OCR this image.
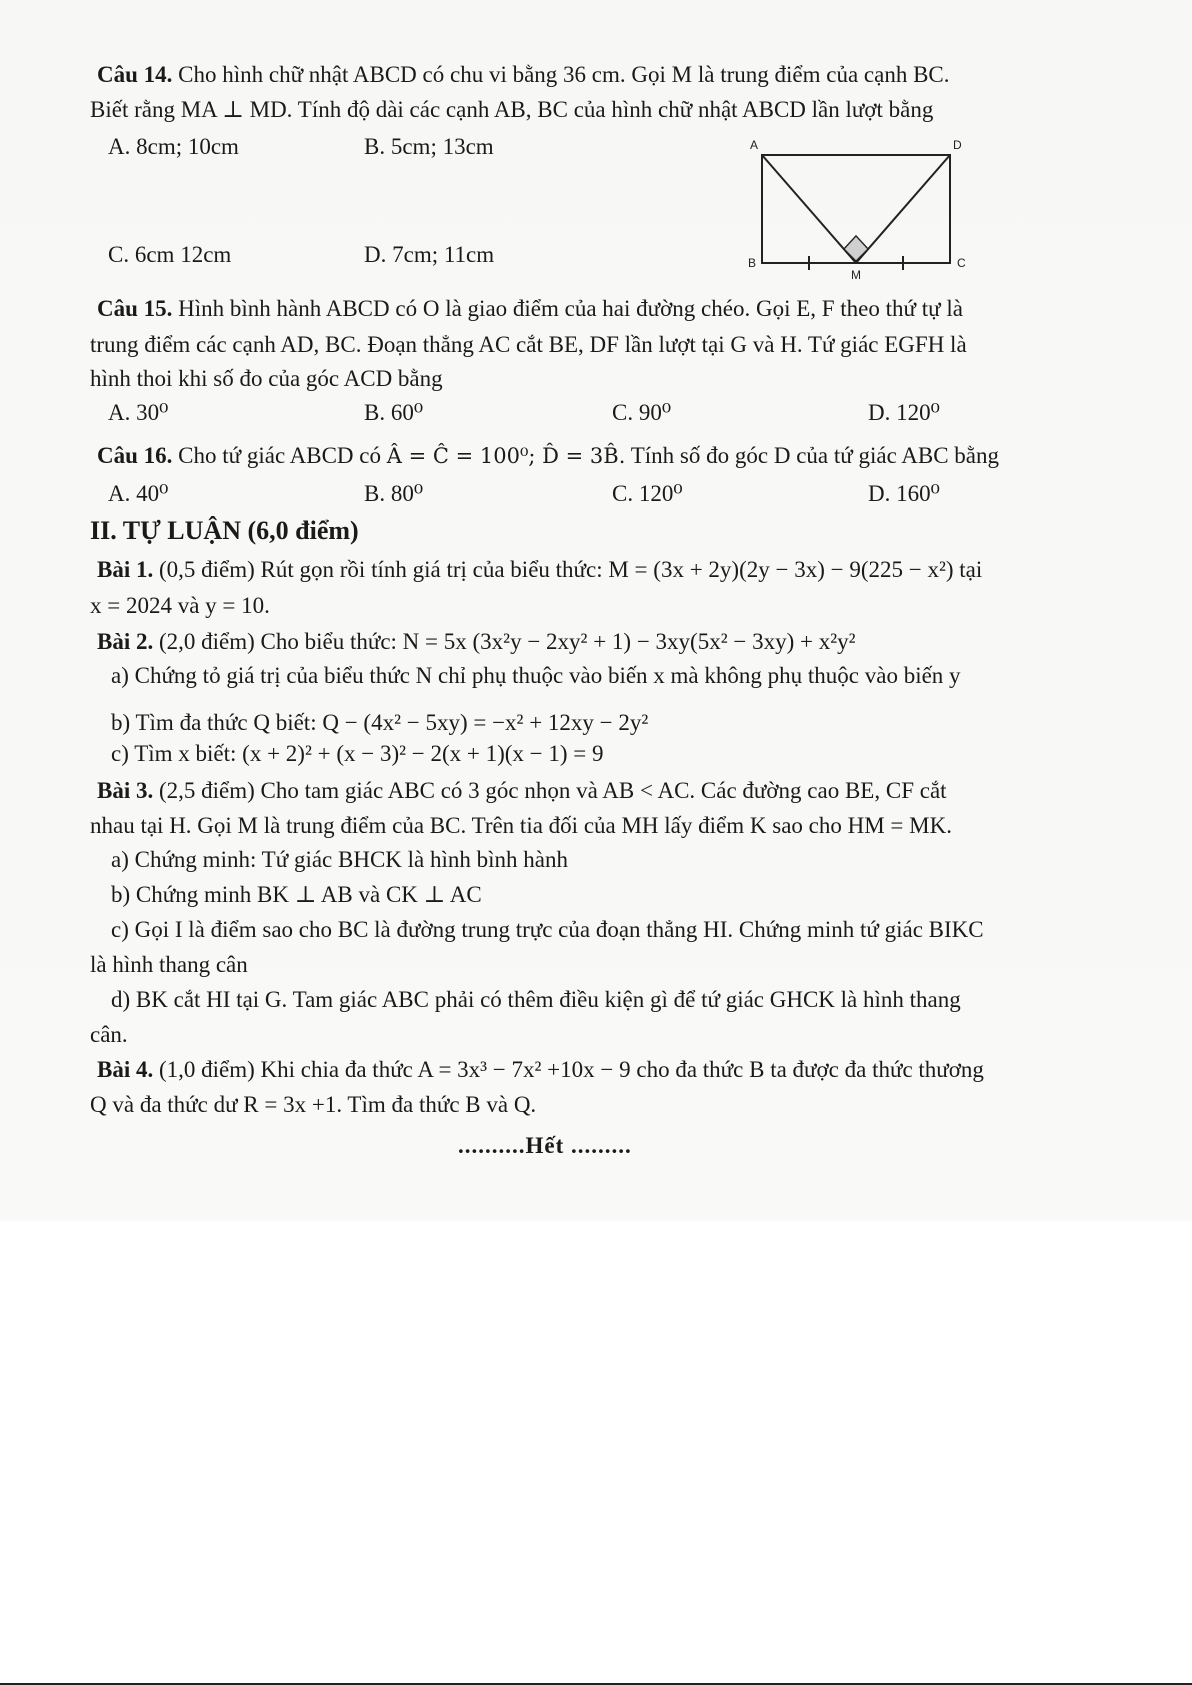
Câu 14. Cho hình chữ nhật ABCD có chu vi bằng 36 cm. Gọi M là trung điểm của cạnh BC.
Biết rằng MA ⊥ MD. Tính độ dài các cạnh AB, BC của hình chữ nhật ABCD lần lượt bằng
A. 8cm; 10cm	B. 5cm; 13cm
C. 6cm 12cm	D. 7cm; 11cm
A	D
B
M
C
Câu 15. Hình bình hành ABCD có O là giao điểm của hai đường chéo. Gọi E, F theo thứ tự là
trung điểm các cạnh AD, BC. Đoạn thẳng AC cắt BE, DF lần lượt tại G và H. Tứ giác EGFH là
hình thoi khi số đo của góc ACD bằng
A. 30⁰	B. 60⁰	C. 90⁰	D. 120⁰
Câu 16. Cho tứ giác ABCD có Â = Ĉ = 100⁰; D̂ = 3B̂. Tính số đo góc D của tứ giác ABC bằng
A. 40⁰	B. 80⁰	C. 120⁰	D. 160⁰
II. TỰ LUẬN (6,0 điểm)
Bài 1. (0,5 điểm) Rút gọn rồi tính giá trị của biểu thức: M = (3x + 2y)(2y − 3x) − 9(225 − x²) tại
x = 2024 và y = 10.
Bài 2. (2,0 điểm) Cho biểu thức: N = 5x (3x²y − 2xy² + 1) − 3xy(5x² − 3xy) + x²y²
a) Chứng tỏ giá trị của biểu thức N chỉ phụ thuộc vào biến x mà không phụ thuộc vào biến y
b) Tìm đa thức Q biết: Q − (4x² − 5xy) = −x² + 12xy − 2y²
c) Tìm x biết: (x + 2)² + (x − 3)² − 2(x + 1)(x − 1) = 9
Bài 3. (2,5 điểm) Cho tam giác ABC có 3 góc nhọn và AB < AC. Các đường cao BE, CF cắt
nhau tại H. Gọi M là trung điểm của BC. Trên tia đối của MH lấy điểm K sao cho HM = MK.
a) Chứng minh: Tứ giác BHCK là hình bình hành
b) Chứng minh BK ⊥ AB và CK ⊥ AC
c) Gọi I là điểm sao cho BC là đường trung trực của đoạn thẳng HI. Chứng minh tứ giác BIKC
là hình thang cân
d) BK cắt HI tại G. Tam giác ABC phải có thêm điều kiện gì để tứ giác GHCK là hình thang
cân.
Bài 4. (1,0 điểm) Khi chia đa thức A = 3x³ − 7x² +10x − 9 cho đa thức B ta được đa thức thương
Q và đa thức dư R = 3x +1. Tìm đa thức B và Q.
..........Hết .........
